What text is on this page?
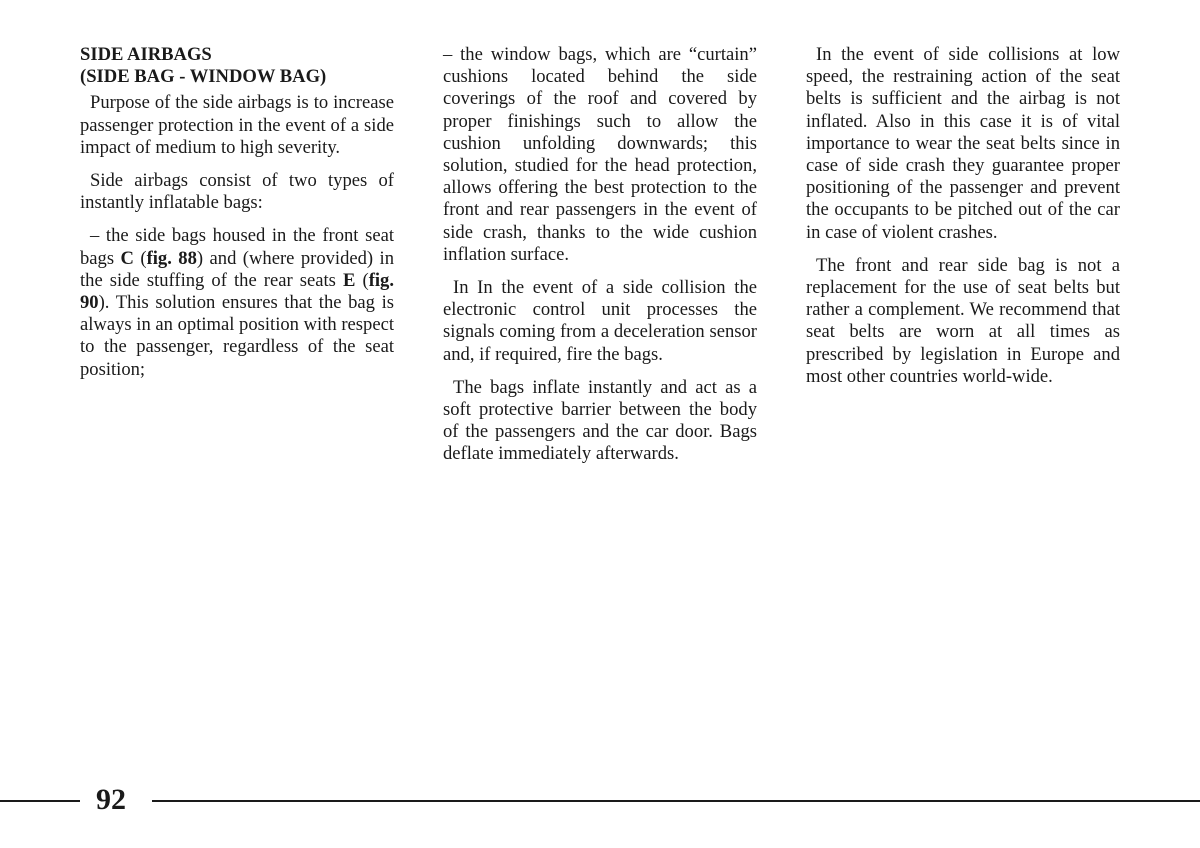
SIDE AIRBAGS
(SIDE BAG - WINDOW BAG)

Purpose of the side airbags is to increase passenger protection in the event of a side impact of medium to high severity.

Side airbags consist of two types of instantly inflatable bags:

– the side bags housed in the front seat bags C (fig. 88) and (where provided) in the side stuffing of the rear seats E (fig. 90). This solution ensures that the bag is always in an optimal position with respect to the passenger, regardless of the seat position;

– the window bags, which are “curtain” cushions located behind the side coverings of the roof and covered by proper finishings such to allow the cushion unfolding downwards; this solution, studied for the head protection, allows offering the best protection to the front and rear passengers in the event of side crash, thanks to the wide cushion inflation surface.

In In the event of a side collision the electronic control unit processes the signals coming from a deceleration sensor and, if required, fire the bags.

The bags inflate instantly and act as a soft protective barrier between the body of the passengers and the car door. Bags deflate immediately afterwards.

In the event of side collisions at low speed, the restraining action of the seat belts is sufficient and the airbag is not inflated. Also in this case it is of vital importance to wear the seat belts since in case of side crash they guarantee proper positioning of the passenger and prevent the occupants to be pitched out of the car in case of violent crashes.

The front and rear side bag is not a replacement for the use of seat belts but rather a complement. We recommend that seat belts are worn at all times as prescribed by legislation in Europe and most other countries world-wide.

92
